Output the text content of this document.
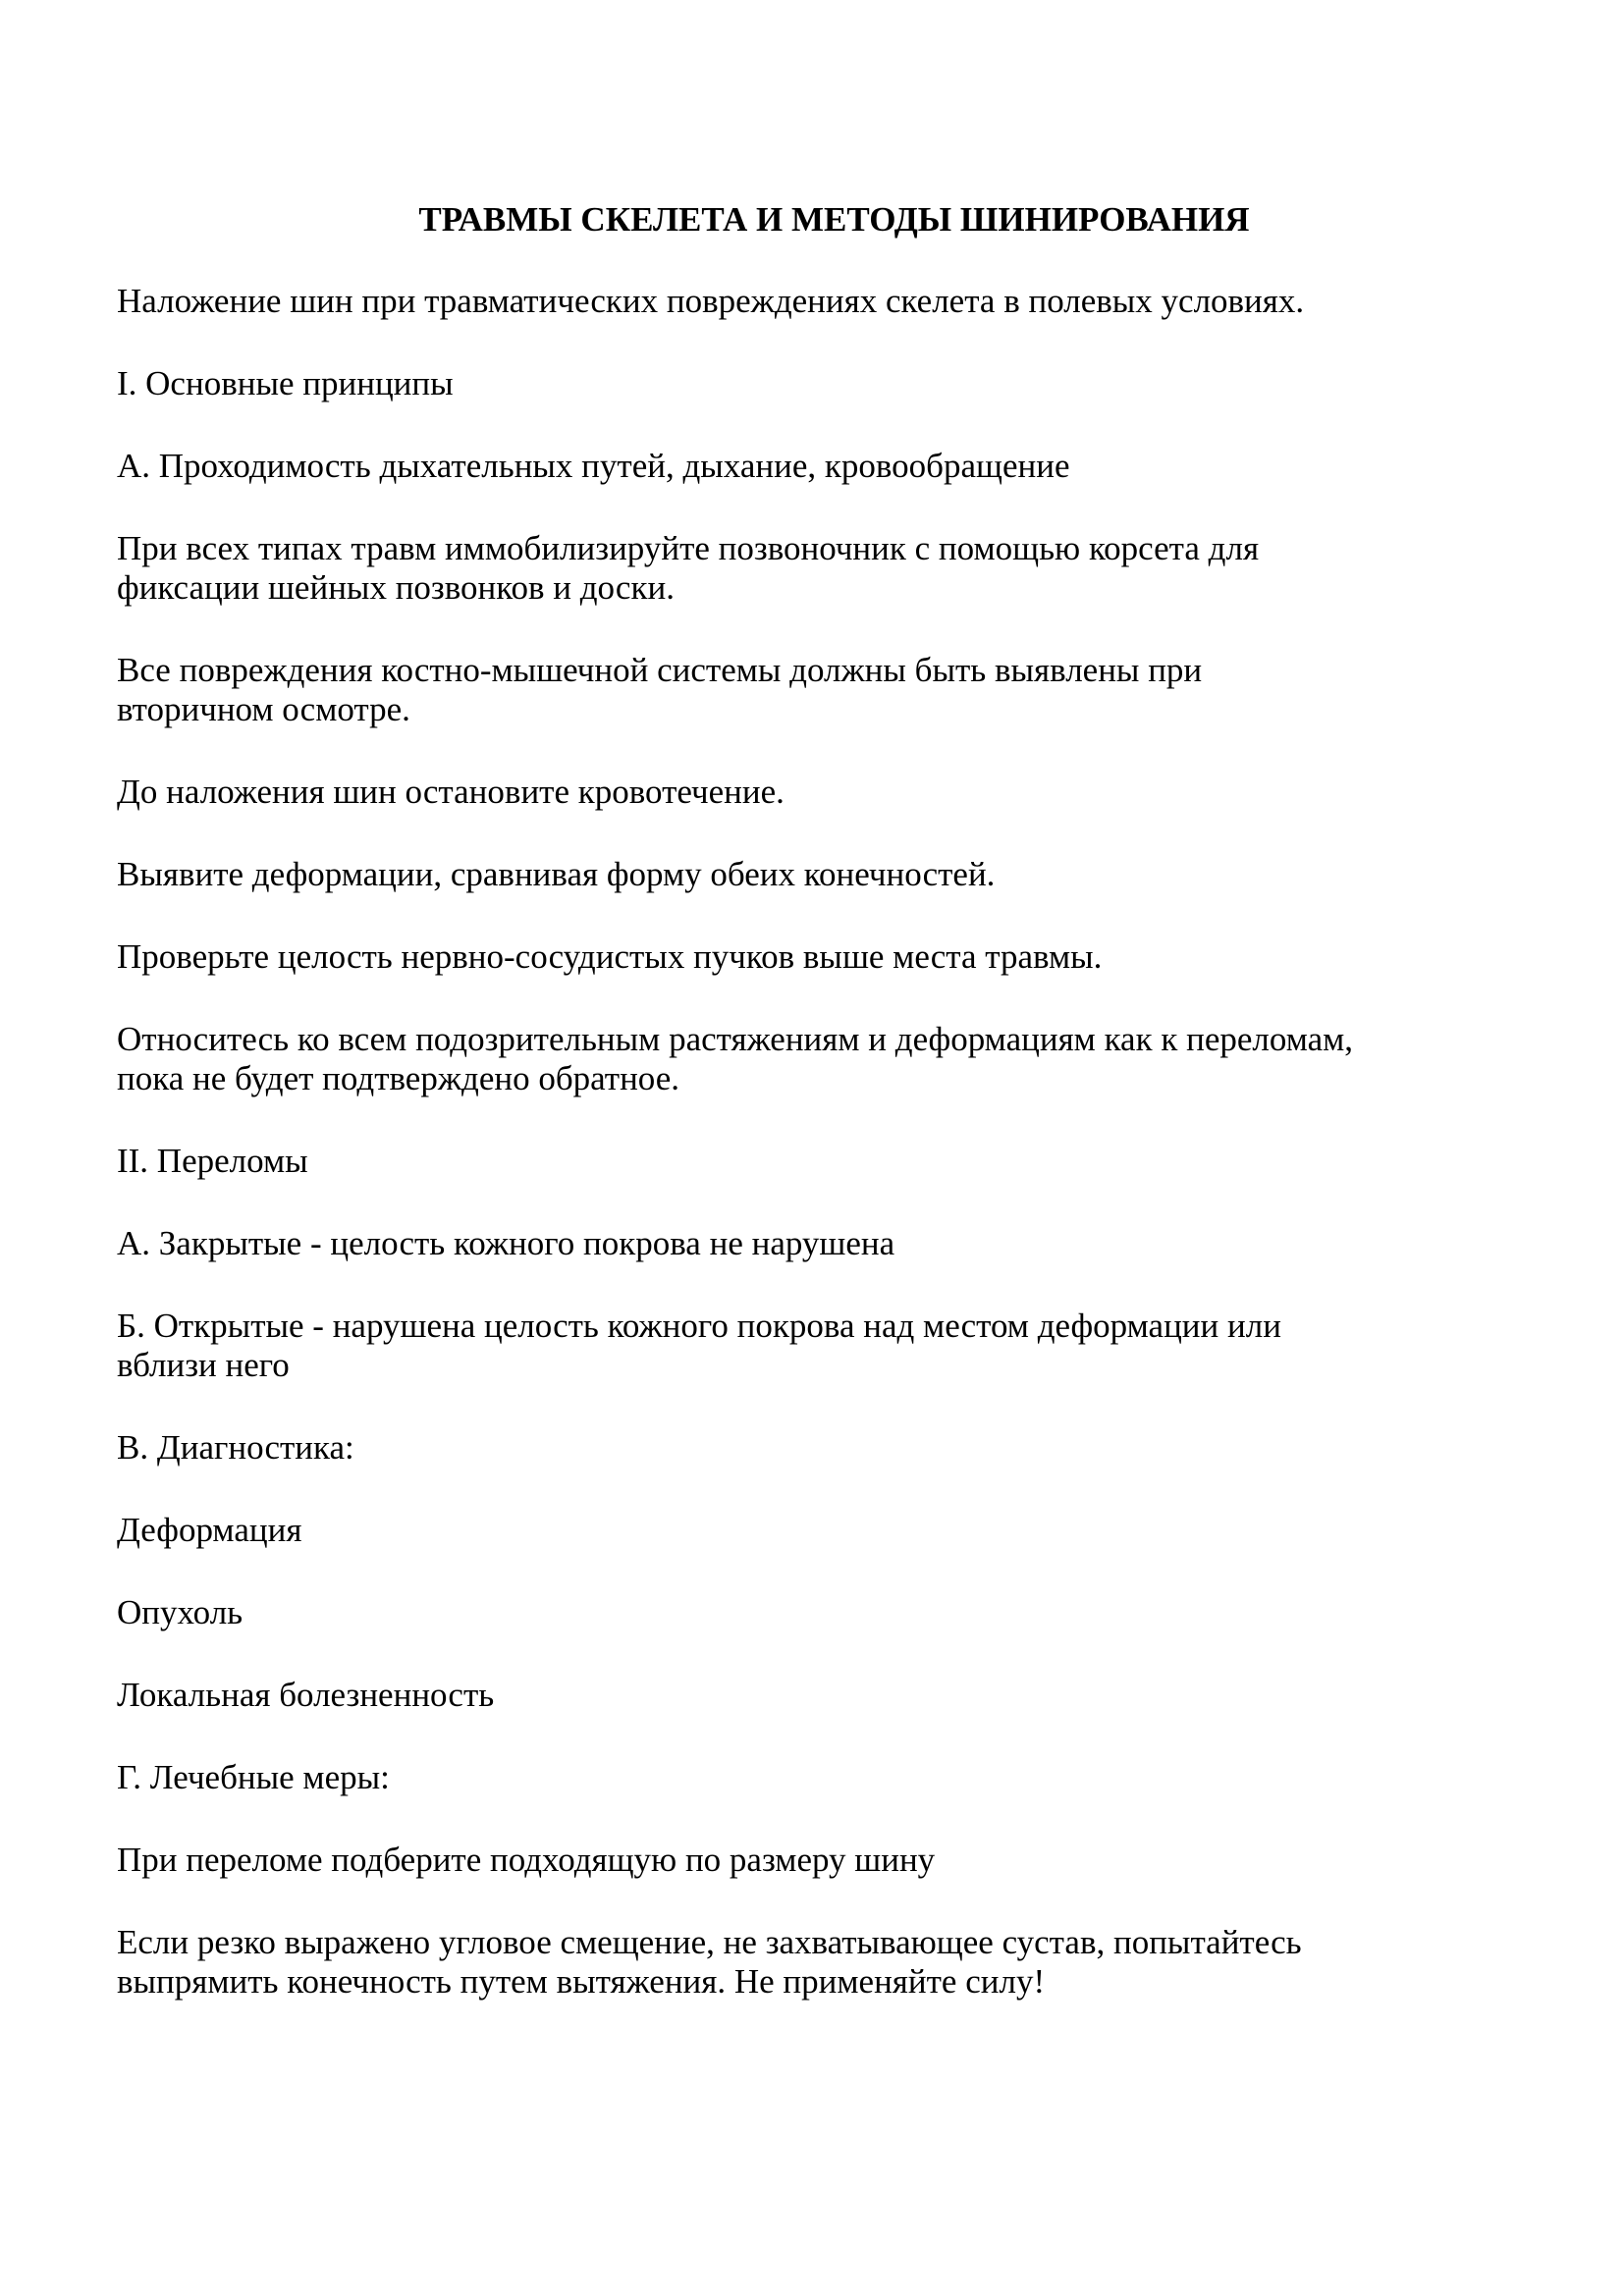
ТРАВМЫ СКЕЛЕТА И МЕТОДЫ ШИНИРОВАНИЯ
Наложение шин при травматических повреждениях скелета в полевых условиях.
I. Основные принципы
А. Проходимость дыхательных путей, дыхание, кровообращение
При всех типах травм иммобилизируйте позвоночник с помощью корсета для
фиксации шейных позвонков и доски.
Все повреждения костно-мышечной системы должны быть выявлены при
вторичном осмотре.
До наложения шин остановите кровотечение.
Выявите деформации, сравнивая форму обеих конечностей.
Проверьте целость нервно-сосудистых пучков выше места травмы.
Относитесь ко всем подозрительным растяжениям и деформациям как к переломам,
пока не будет подтверждено обратное.
II. Переломы
А. Закрытые - целость кожного покрова не нарушена
Б. Открытые - нарушена целость кожного покрова над местом деформации или
вблизи него
В. Диагностика:
Деформация
Опухоль
Локальная болезненность
Г. Лечебные меры:
При переломе подберите подходящую по размеру шину
Если резко выражено угловое смещение, не захватывающее сустав, попытайтесь
выпрямить конечность путем вытяжения. Не применяйте силу!
